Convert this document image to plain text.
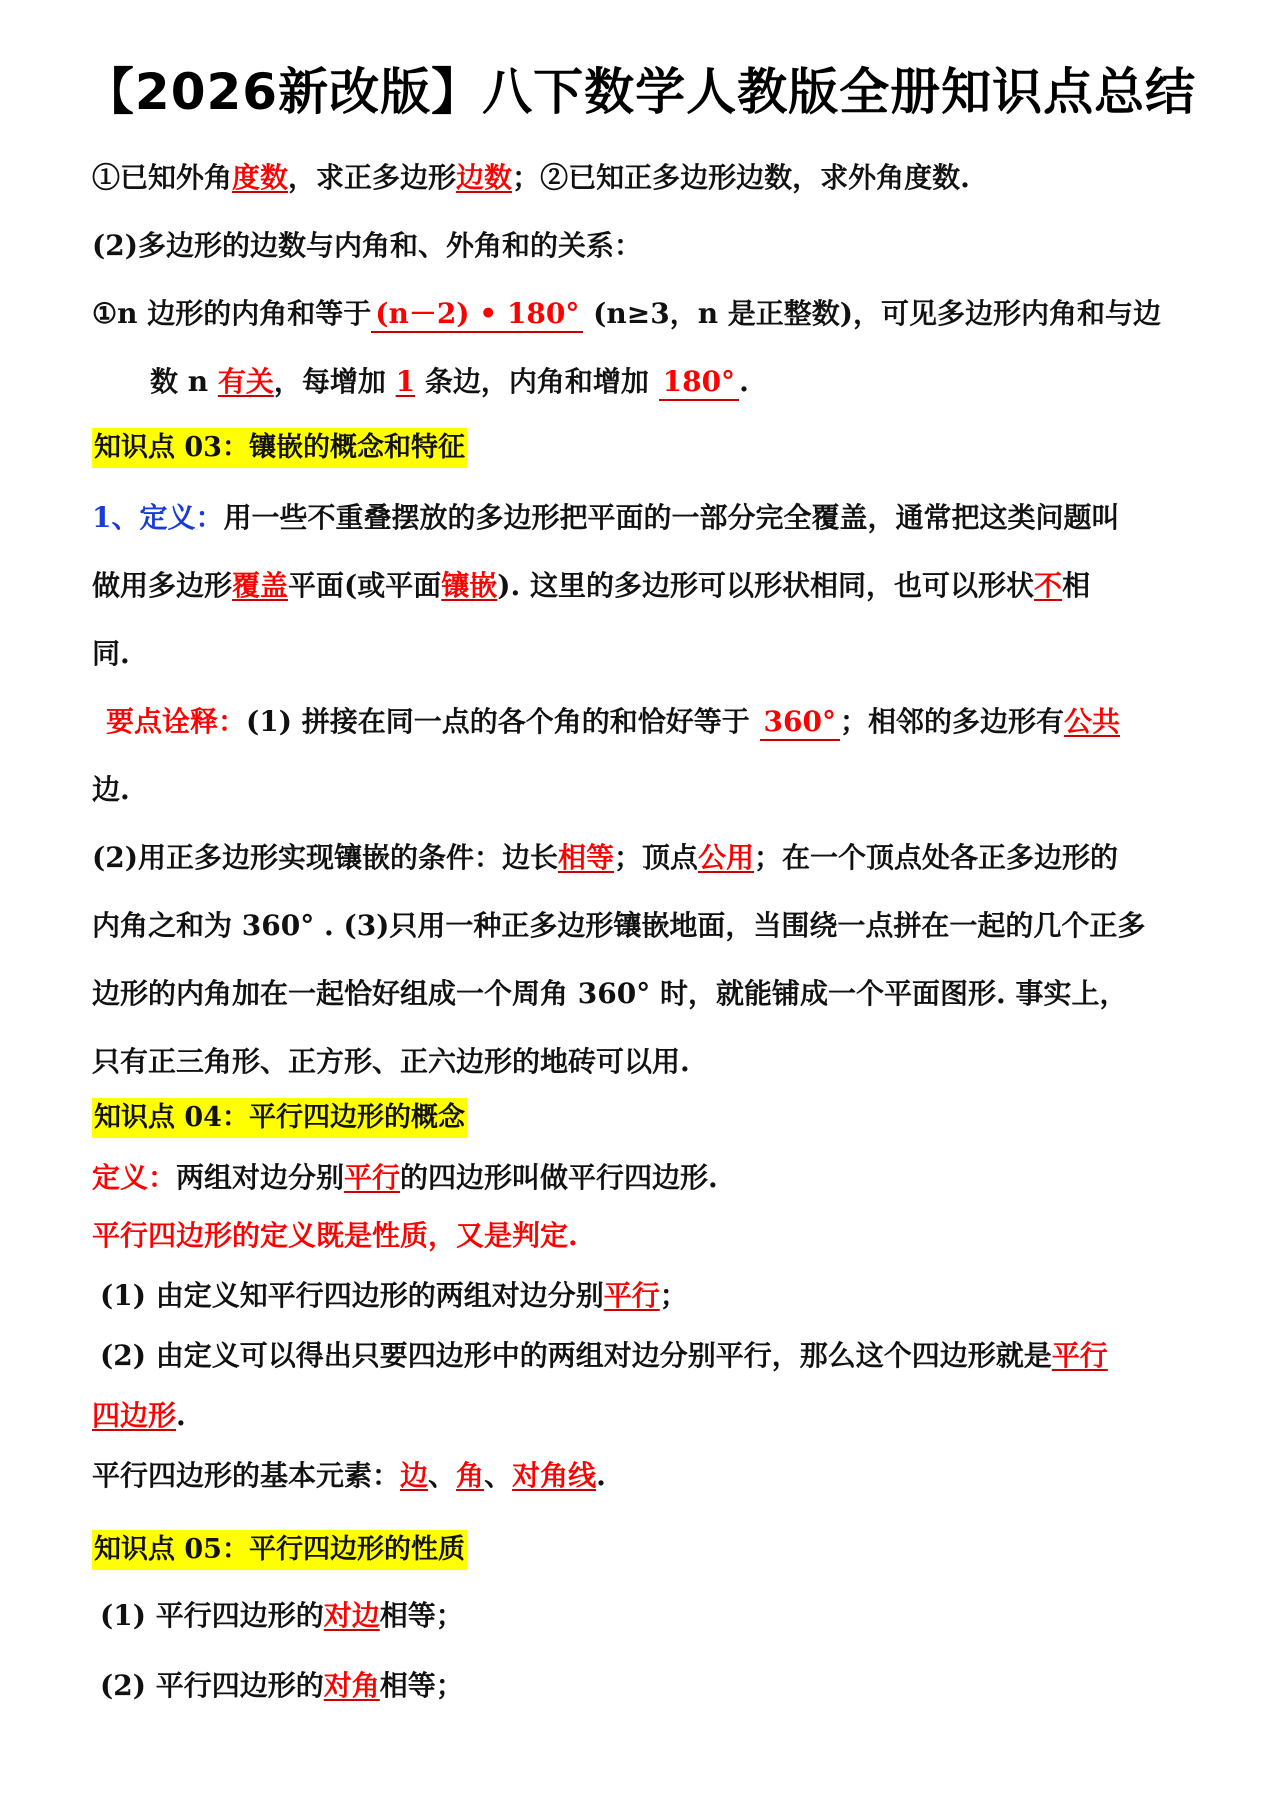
【2026新改版】八下数学人教版全册知识点总结
①已知外角度数，求正多边形边数；②已知正多边形边数，求外角度数.
(2)多边形的边数与内角和、外角和的关系：
①n 边形的内角和等于 (n－2) • 180° (n≥3，n 是正整数)，可见多边形内角和与边
数 n 有关，每增加 1 条边，内角和增加 180° .
知识点 03：镶嵌的概念和特征
1、定义：用一些不重叠摆放的多边形把平面的一部分完全覆盖，通常把这类问题叫
做用多边形覆盖平面(或平面镶嵌). 这里的多边形可以形状相同，也可以形状不相
同.
要点诠释：(1) 拼接在同一点的各个角的和恰好等于 360° ；相邻的多边形有公共
边.
(2)用正多边形实现镶嵌的条件：边长相等；顶点公用；在一个顶点处各正多边形的
内角之和为 360° . (3)只用一种正多边形镶嵌地面，当围绕一点拼在一起的几个正多
边形的内角加在一起恰好组成一个周角 360° 时，就能铺成一个平面图形. 事实上，
只有正三角形、正方形、正六边形的地砖可以用.
知识点 04：平行四边形的概念
定义：两组对边分别平行的四边形叫做平行四边形.
平行四边形的定义既是性质，又是判定.
(1) 由定义知平行四边形的两组对边分别平行；
(2) 由定义可以得出只要四边形中的两组对边分别平行，那么这个四边形就是平行
四边形.
平行四边形的基本元素：边、角、对角线.
知识点 05：平行四边形的性质
(1) 平行四边形的对边相等；
(2) 平行四边形的对角相等；
